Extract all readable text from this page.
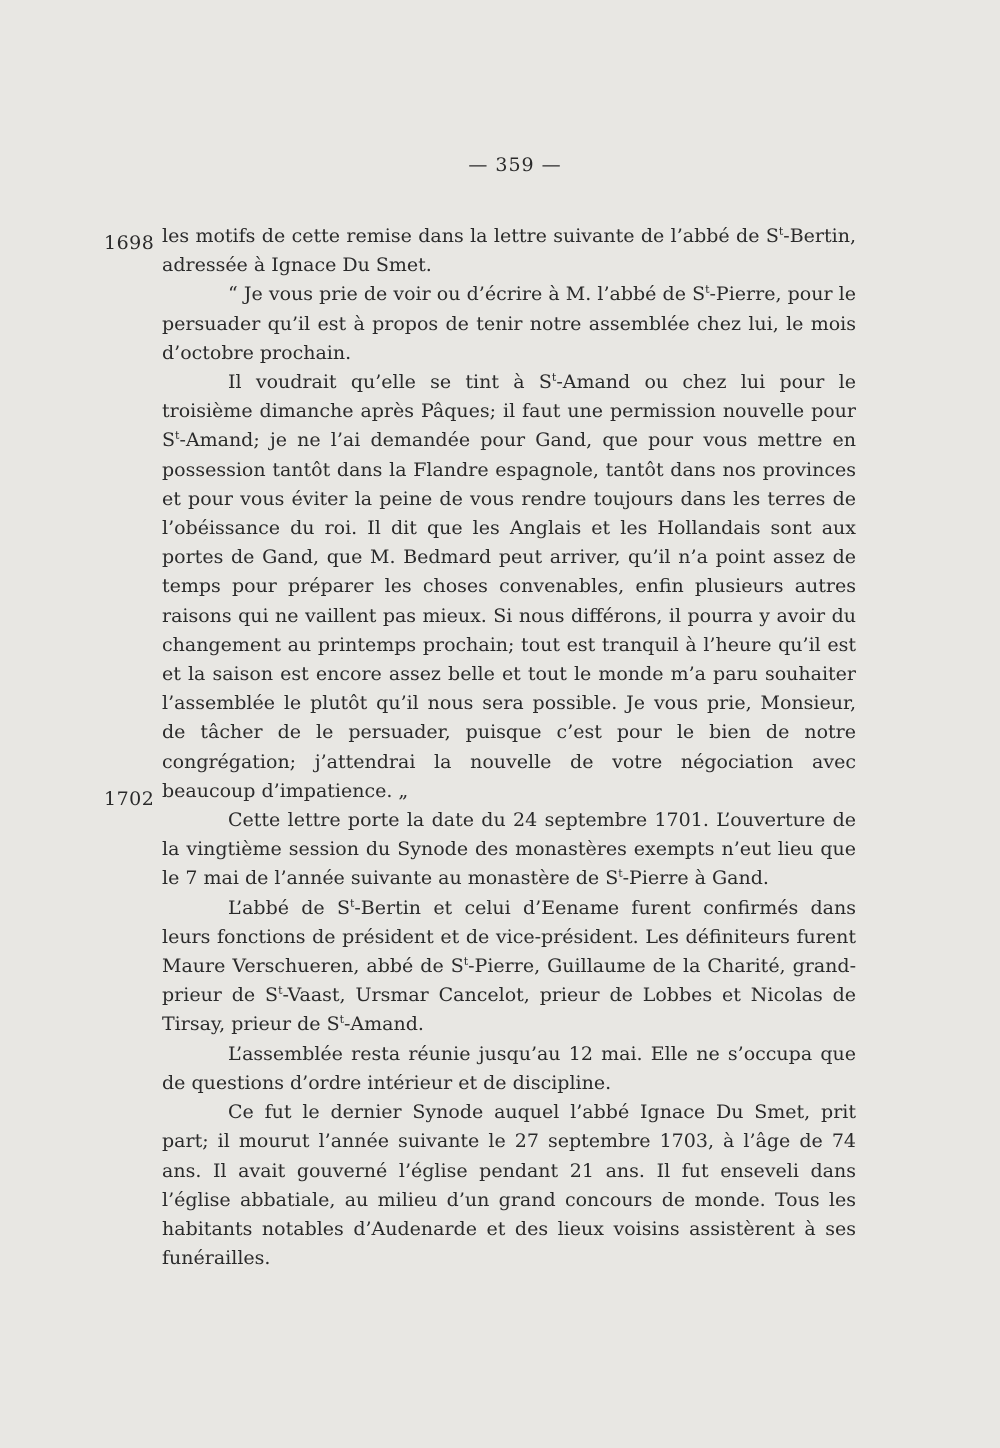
— 359 —
1698
1702

les motifs de cette remise dans la lettre suivante de l’abbé de $S^t$-Bertin, adressée à Ignace Du Smet.

“ Je vous prie de voir ou d’écrire à M. l’abbé de $S^t$-Pierre, pour le persuader qu’il est à propos de tenir notre assemblée chez lui, le mois d’octobre prochain.

Il voudrait qu’elle se tint à $S^t$-Amand ou chez lui pour le troisième dimanche après Pâques; il faut une permission nouvelle pour $S^t$-Amand; je ne l’ai demandée pour Gand, que pour vous mettre en possession tantôt dans la Flandre espagnole, tantôt dans nos provinces et pour vous éviter la peine de vous rendre toujours dans les terres de l’obéissance du roi. Il dit que les Anglais et les Hollandais sont aux portes de Gand, que M. Bedmard peut arriver, qu’il n’a point assez de temps pour préparer les choses convenables, enfin plusieurs autres raisons qui ne vaillent pas mieux. Si nous différons, il pourra y avoir du changement au printemps prochain; tout est tranquil à l’heure qu’il est et la saison est encore assez belle et tout le monde m’a paru souhaiter l’assemblée le plutôt qu’il nous sera possible. Je vous prie, Monsieur, de tâcher de le persuader, puisque c’est pour le bien de notre congrégation; j’attendrai la nouvelle de votre négociation avec beaucoup d’impatience. „

Cette lettre porte la date du 24 septembre 1701. L’ouverture de la vingtième session du Synode des monastères exempts n’eut lieu que le 7 mai de l’année suivante au monastère de $S^t$-Pierre à Gand.

L’abbé de $S^t$-Bertin et celui d’Eename furent confirmés dans leurs fonctions de président et de vice-président. Les définiteurs furent Maure Verschueren, abbé de $S^t$-Pierre, Guillaume de la Charité, grand-prieur de $S^t$-Vaast, Ursmar Cancelot, prieur de Lobbes et Nicolas de Tirsay, prieur de $S^t$-Amand.

L’assemblée resta réunie jusqu’au 12 mai. Elle ne s’occupa que de questions d’ordre intérieur et de discipline.

Ce fut le dernier Synode auquel l’abbé Ignace Du Smet, prit part; il mourut l’année suivante le 27 septembre 1703, à l’âge de 74 ans. Il avait gouverné l’église pendant 21 ans. Il fut enseveli dans l’église abbatiale, au milieu d’un grand concours de monde. Tous les habitants notables d’Audenarde et des lieux voisins assistèrent à ses funérailles.
